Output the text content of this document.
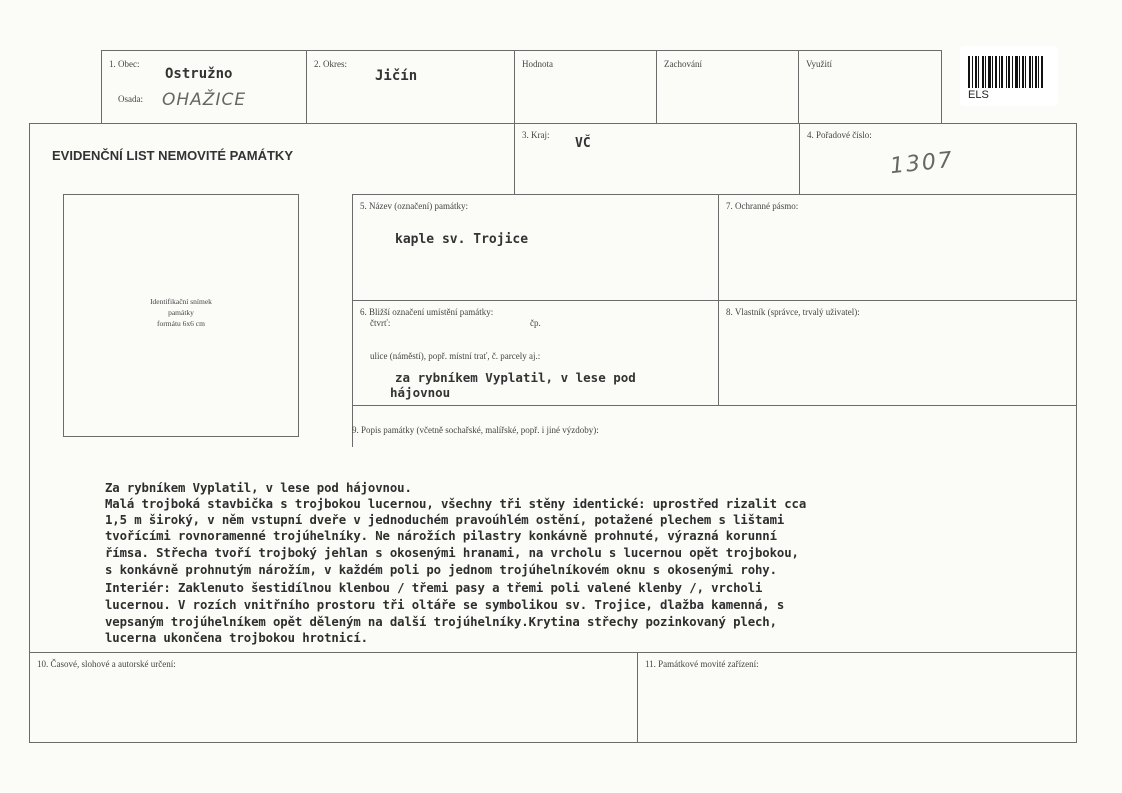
1. Obec:
Ostružno
Osada: OHAŽICE
2. Okres:
Jičín
Hodnota	Zachování	Využití
ELS
EVIDENČNÍ LIST NEMOVITÉ PAMÁTKY
3. Kraj:
VČ
4. Pořadové číslo:
1307
Identifikační snímek
památky
formátu 6x6 cm
5. Název (označení) památky:
kaple sv. Trojice
7. Ochranné pásmo:
6. Bližší označení umístění památky:
čtvrť:	čp.
ulice (náměstí), popř. místní trať, č. parcely aj.:
za rybníkem Vyplatil, v lese pod
hájovnou
8. Vlastník (správce, trvalý uživatel):
9. Popis památky (včetně sochařské, malířské, popř. i jiné výzdoby):
Za rybníkem Vyplatil, v lese pod hájovnou.
Malá trojboká stavbička s trojbokou lucernou, všechny tři stěny identické: uprostřed rizalit cca
1,5 m široký, v něm vstupní dveře v jednoduchém pravoúhlém ostění, potažené plechem s lištami
tvořícími rovnoramenné trojúhelníky. Ne nárožích pilastry konkávně prohnuté, výrazná korunní
římsa. Střecha tvoří trojboký jehlan s okosenými hranami, na vrcholu s lucernou opět trojbokou,
s konkávně prohnutým nárožím, v každém poli po jednom trojúhelníkovém oknu s okosenými rohy.
Interiér: Zaklenuto šestidílnou klenbou / třemi pasy a třemi poli valené klenby /, vrcholi
lucernou. V rozích vnitřního prostoru tři oltáře se symbolikou sv. Trojice, dlažba kamenná, s
vepsaným trojúhelníkem opět děleným na další trojúhelníky.Krytina střechy pozinkovaný plech,
lucerna ukončena trojbokou hrotnicí.
10. Časové, slohové a autorské určení:	11. Památkové movité zařízení:
